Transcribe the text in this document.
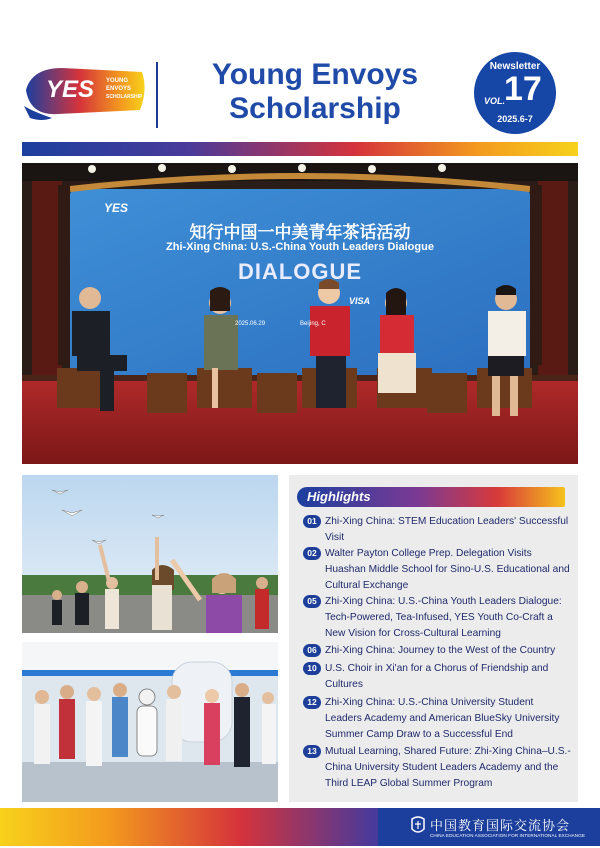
YES YOUNG
ENVOYS
SCHOLARSHIP
Young Envoys
Scholarship
Newsletter
VOL.
17
2025.6-7
YES
知行中国一中美青年茶话活动
Zhi-Xing China: U.S.-China Youth Leaders Dialogue
DIALOGUE
2025.06.29	Beijing, C
VISA
Highlights
01 Zhi-Xing China: STEM Education Leaders' Successful Visit
02 Walter Payton College Prep. Delegation Visits Huashan Middle School for Sino-U.S. Educational and Cultural Exchange
05 Zhi-Xing China: U.S.-China Youth Leaders Dialogue: Tech-Powered, Tea-Infused, YES Youth Co-Craft a New Vision for Cross-Cultural Learning
06 Zhi-Xing China: Journey to the West of the Country
10 U.S. Choir in Xi'an for a Chorus of Friendship and Cultures
12 Zhi-Xing China: U.S.-China University Student Leaders Academy and American BlueSky University Summer Camp Draw to a Successful End
13 Mutual Learning, Shared Future: Zhi-Xing China–U.S.-China University Student Leaders Academy and the Third LEAP Global Summer Program
中国教育国际交流协会
CHINA EDUCATION ASSOCIATION FOR INTERNATIONAL EXCHANGE
